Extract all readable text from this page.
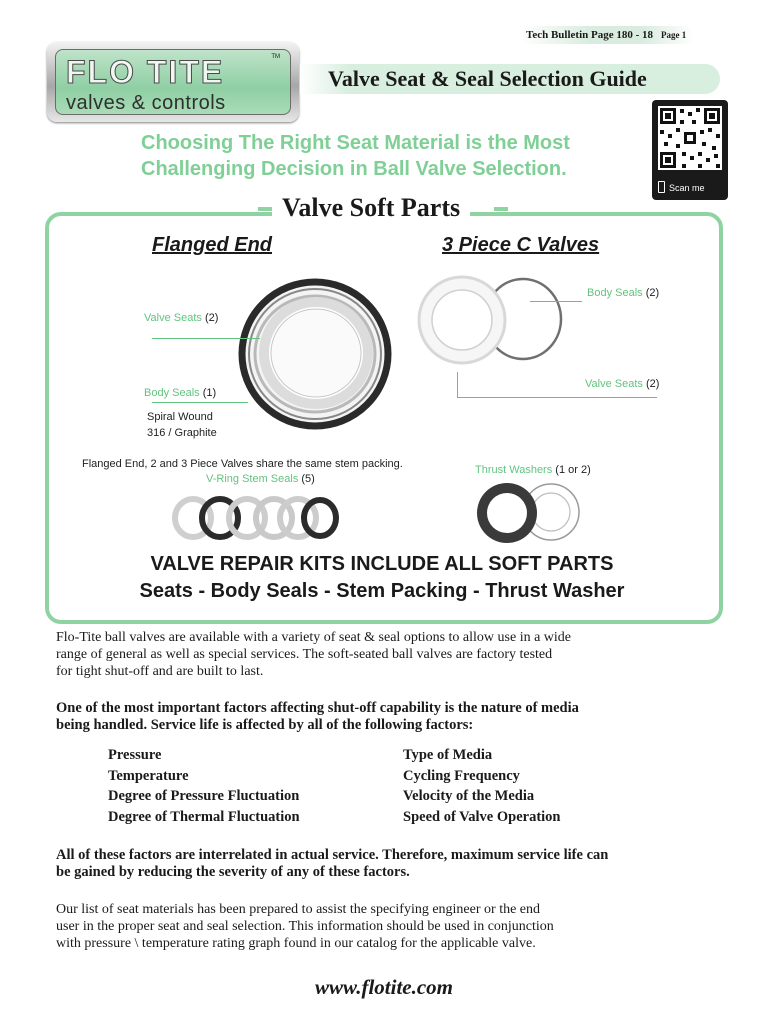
Tech Bulletin Page 180 - 18 Page 1
FLO TITE
valves & controls
TM
Valve Seat & Seal Selection Guide
Choosing The Right Seat Material is the Most
Challenging Decision in Ball Valve Selection.
Scan me
Valve Soft Parts
Flanged End	3 Piece C Valves
Valve Seats (2)
Body Seals (1)
Spiral Wound
316 / Graphite
Body Seals (2)
Valve Seats (2)
Flanged End, 2 and 3 Piece Valves share the same stem packing.
V-Ring Stem Seals (5)
Thrust Washers (1 or 2)
VALVE REPAIR KITS INCLUDE ALL SOFT PARTS
Seats - Body Seals - Stem Packing - Thrust Washer
Flo-Tite ball valves are available with a variety of seat & seal options to allow use in a wide
range of general as well as special services. The soft-seated ball valves are factory tested
for tight shut-off and are built to last.
One of the most important factors affecting shut-off capability is the nature of media
being handled. Service life is affected by all of the following factors:
Pressure
Temperature
Degree of Pressure Fluctuation
Degree of Thermal Fluctuation
Type of Media
Cycling Frequency
Velocity of the Media
Speed of Valve Operation
All of these factors are interrelated in actual service. Therefore, maximum service life can
be gained by reducing the severity of any of these factors.
Our list of seat materials has been prepared to assist the specifying engineer or the end
user in the proper seat and seal selection. This information should be used in conjunction
with pressure \ temperature rating graph found in our catalog for the applicable valve.
www.flotite.com
